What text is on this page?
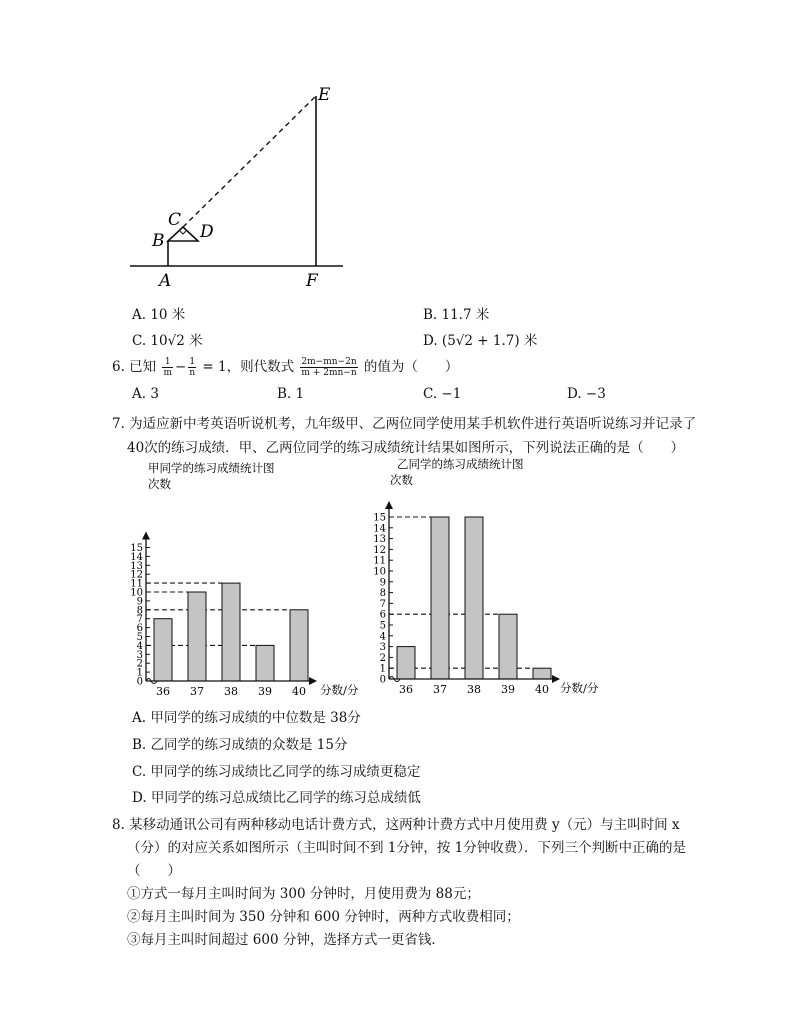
E
C
D
B
A	F
A. 10 米	B. 11.7 米
C. 10√2 米	D. (5√2 + 1.7) 米
6. 已知 $\frac{1}{m} - \frac{1}{n} = 1$，则代数式 $\frac{2m-mn-2n}{m + 2mn-n}$ 的值为（　　）
A. 3	B. 1	C. −1	D. −3
7. 为适应新中考英语听说机考，九年级甲、乙两位同学使用某手机软件进行英语听说练习并记录了
40次的练习成绩．甲、乙两位同学的练习成绩统计结果如图所示，下列说法正确的是（　　）
甲同学的练习成绩统计图
次数
分数/分
36 37 38 39 40
0
1
2
3
4
5
6
7
8
9
10
11
12
13
14
15
乙同学的练习成绩统计图
次数
分数/分
36 37 38 39 40
0
1
2
3
4
5
6
7
8
9
10
11
12
13
14
15
A. 甲同学的练习成绩的中位数是 38分
B. 乙同学的练习成绩的众数是 15分
C. 甲同学的练习成绩比乙同学的练习成绩更稳定
D. 甲同学的练习总成绩比乙同学的练习总成绩低
8. 某移动通讯公司有两种移动电话计费方式，这两种计费方式中月使用费 y（元）与主叫时间 x
（分）的对应关系如图所示（主叫时间不到 1分钟，按 1分钟收费）．下列三个判断中正确的是
（　　）
①方式一每月主叫时间为 300 分钟时，月使用费为 88元；
②每月主叫时间为 350 分钟和 600 分钟时，两种方式收费相同；
③每月主叫时间超过 600 分钟，选择方式一更省钱．
